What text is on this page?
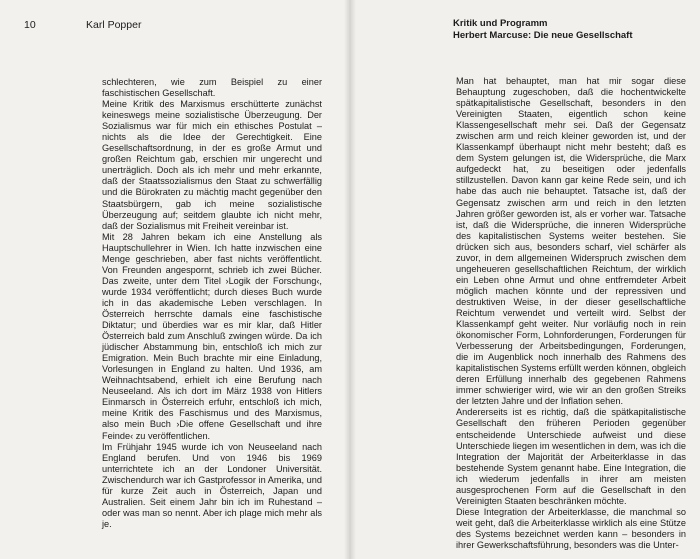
10	Karl Popper

schlechteren, wie zum Beispiel zu einer faschistischen Gesellschaft.

Meine Kritik des Marxismus erschütterte zunächst keineswegs meine sozialistische Überzeugung. Der Sozialismus war für mich ein ethisches Postulat – nichts als die Idee der Gerechtigkeit. Eine Gesellschaftsordnung, in der es große Armut und großen Reichtum gab, erschien mir ungerecht und unerträglich. Doch als ich mehr und mehr erkannte, daß der Staatssozialismus den Staat zu schwerfällig und die Bürokraten zu mächtig macht gegenüber den Staatsbürgern, gab ich meine sozialistische Überzeugung auf; seitdem glaubte ich nicht mehr, daß der Sozialismus mit Freiheit vereinbar ist.

Mit 28 Jahren bekam ich eine Anstellung als Hauptschullehrer in Wien. Ich hatte inzwischen eine Menge geschrieben, aber fast nichts veröffentlicht. Von Freunden angespornt, schrieb ich zwei Bücher. Das zweite, unter dem Titel ›Logik der Forschung‹, wurde 1934 veröffentlicht; durch dieses Buch wurde ich in das akademische Leben verschlagen. In Österreich herrschte damals eine faschistische Diktatur; und überdies war es mir klar, daß Hitler Österreich bald zum Anschluß zwingen würde. Da ich jüdischer Abstammung bin, entschloß ich mich zur Emigration. Mein Buch brachte mir eine Einladung, Vorlesungen in England zu halten. Und 1936, am Weihnachtsabend, erhielt ich eine Berufung nach Neuseeland. Als ich dort im März 1938 von Hitlers Einmarsch in Österreich erfuhr, entschloß ich mich, meine Kritik des Faschismus und des Marxismus, also mein Buch ›Die offene Gesellschaft und ihre Feinde‹ zu veröffentlichen.

Im Frühjahr 1945 wurde ich von Neuseeland nach England berufen. Und von 1946 bis 1969 unterrichtete ich an der Londoner Universität. Zwischendurch war ich Gastprofessor in Amerika, und für kurze Zeit auch in Österreich, Japan und Australien. Seit einem Jahr bin ich im Ruhestand – oder was man so nennt. Aber ich plage mich mehr als je.

Kritik und Programm
Herbert Marcuse: Die neue Gesellschaft

Man hat behauptet, man hat mir sogar diese Behauptung zugeschoben, daß die hochentwickelte spätkapitalistische Gesellschaft, besonders in den Vereinigten Staaten, eigentlich schon keine Klassengesellschaft mehr sei. Daß der Gegensatz zwischen arm und reich kleiner geworden ist, und der Klassenkampf überhaupt nicht mehr besteht; daß es dem System gelungen ist, die Widersprüche, die Marx aufgedeckt hat, zu beseitigen oder jedenfalls stillzustellen. Davon kann gar keine Rede sein, und ich habe das auch nie behauptet. Tatsache ist, daß der Gegensatz zwischen arm und reich in den letzten Jahren größer geworden ist, als er vorher war. Tatsache ist, daß die Widersprüche, die inneren Widersprüche des kapitalistischen Systems weiter bestehen. Sie drücken sich aus, besonders scharf, viel schärfer als zuvor, in dem allgemeinen Widerspruch zwischen dem ungeheueren gesellschaftlichen Reichtum, der wirklich ein Leben ohne Armut und ohne entfremdeter Arbeit möglich machen könnte und der repressiven und destruktiven Weise, in der dieser gesellschaftliche Reichtum verwendet und verteilt wird. Selbst der Klassenkampf geht weiter. Nur vorläufig noch in rein ökonomischer Form, Lohnforderungen, Forderungen für Verbesserung der Arbeitsbedingungen, Forderungen, die im Augenblick noch innerhalb des Rahmens des kapitalistischen Systems erfüllt werden können, obgleich deren Erfüllung innerhalb des gegebenen Rahmens immer schwieriger wird, wie wir an den großen Streiks der letzten Jahre und der Inflation sehen.

Andererseits ist es richtig, daß die spätkapitalistische Gesellschaft den früheren Perioden gegenüber entscheidende Unterschiede aufweist und diese Unterschiede liegen im wesentlichen in dem, was ich die Integration der Majorität der Arbeiterklasse in das bestehende System genannt habe. Eine Integration, die ich wiederum jedenfalls in ihrer am meisten ausgesprochenen Form auf die Gesellschaft in den Vereinigten Staaten beschränken möchte.

Diese Integration der Arbeiterklasse, die manchmal so weit geht, daß die Arbeiterklasse wirklich als eine Stütze des Systems bezeichnet werden kann – besonders in ihrer Gewerkschaftsführung, besonders was die Unter-
